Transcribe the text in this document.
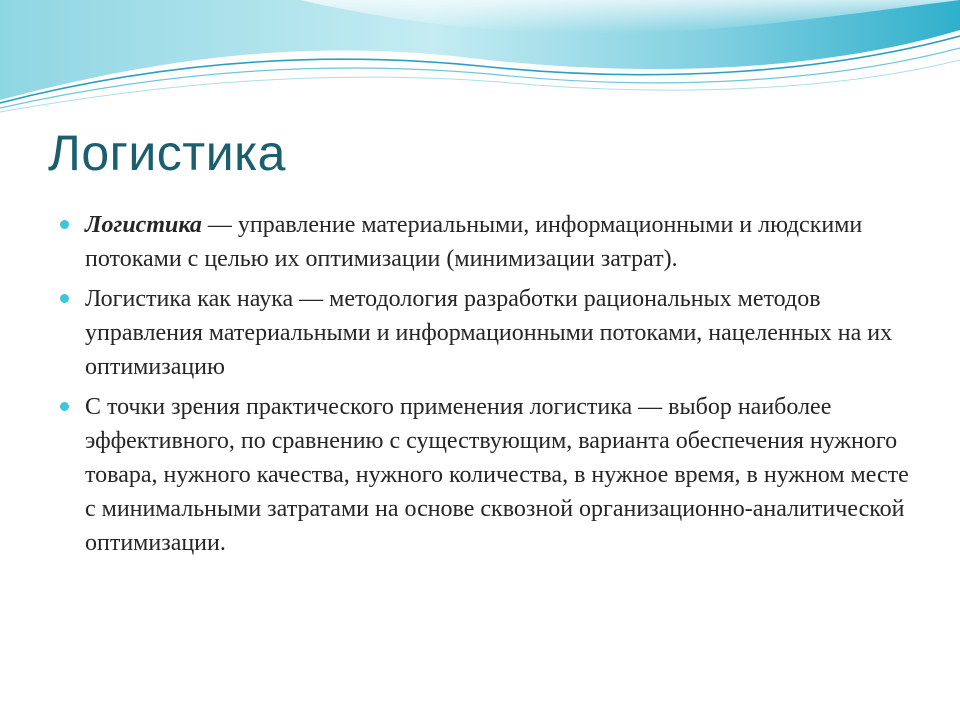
Логистика
Логистика — управление материальными, информационными и людскими потоками с целью их оптимизации (минимизации затрат).
Логистика как наука — методология разработки рациональных методов управления материальными и информационными потоками, нацеленных на их оптимизацию
С точки зрения практического применения логистика — выбор наиболее эффективного, по сравнению с существующим, варианта обеспечения нужного товара, нужного качества, нужного количества, в нужное время, в нужном месте с минимальными затратами на основе сквозной организационно-аналитической оптимизации.
